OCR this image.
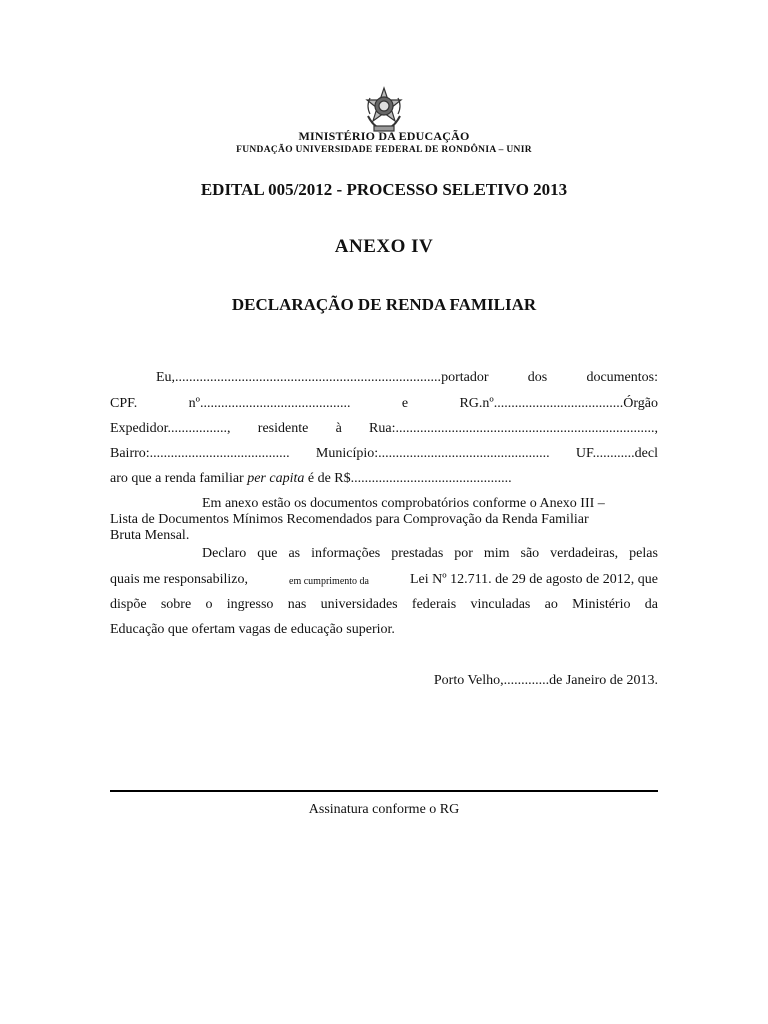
MINISTÉRIO DA EDUCAÇÃO
FUNDAÇÃO UNIVERSIDADE FEDERAL DE RONDÔNIA – UNIR
EDITAL 005/2012 - PROCESSO SELETIVO 2013
ANEXO IV
DECLARAÇÃO DE RENDA FAMILIAR
Eu,............................................................................portador	dos	documentos:
CPF.	nº...........................................	e	RG.nº.....................................Órgão
Expedidor................., residente à Rua:..........................................................................,
Bairro:........................................ Município:................................................. UF............decl
aro que a renda familiar per capita é de R$..............................................
Em anexo estão os documentos comprobatórios conforme o Anexo III –
Lista de Documentos Mínimos Recomendados para Comprovação da Renda Familiar
Bruta Mensal.
Declaro que as informações prestadas por mim são verdadeiras, pelas
quais me responsabilizo,	em cumprimento da	Lei Nº 12.711. de 29 de agosto de 2012, que
dispõe sobre o ingresso nas universidades federais vinculadas ao Ministério da
Educação que ofertam vagas de educação superior.
Porto Velho,.............de Janeiro de 2013.
Assinatura conforme o RG
